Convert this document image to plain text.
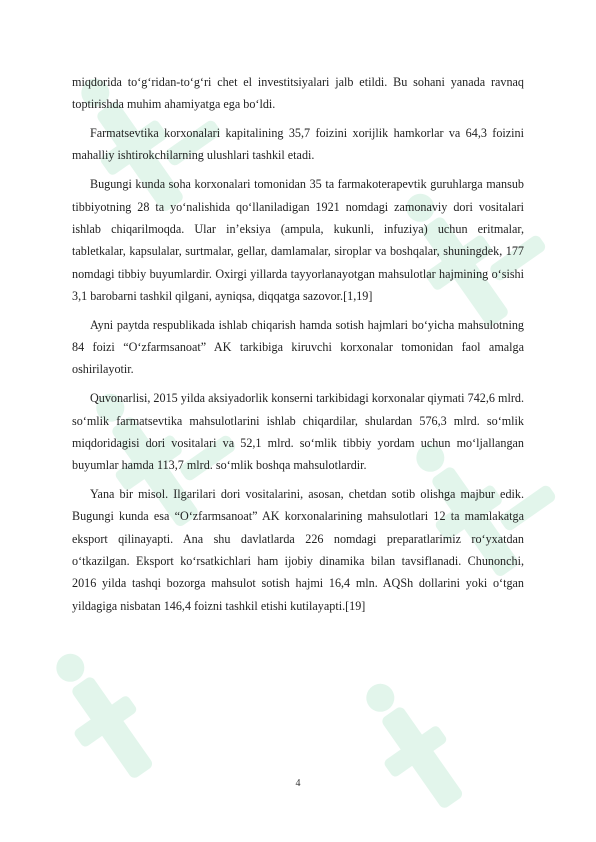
miqdorida to‘g‘ridan-to‘g‘ri chet el investitsiyalari jalb etildi. Bu sohani yanada ravnaq toptirishda muhim ahamiyatga ega bo‘ldi.

Farmatsevtika korxonalari kapitalining 35,7 foizini xorijlik hamkorlar va 64,3 foizini mahalliy ishtirokchilarning ulushlari tashkil etadi.

Bugungi kunda soha korxonalari tomonidan 35 ta farmakoterapevtik guruhlarga mansub tibbiyotning 28 ta yo‘nalishida qo‘llaniladigan 1921 nomdagi zamonaviy dori vositalari ishlab chiqarilmoqda. Ular in’eksiya (ampula, kukunli, infuziya) uchun eritmalar, tabletkalar, kapsulalar, surtmalar, gellar, damlamalar, siroplar va boshqalar, shuningdek, 177 nomdagi tibbiy buyumlardir. Oxirgi yillarda tayyorlanayotgan mahsulotlar hajmining o‘sishi 3,1 barobarni tashkil qilgani, ayniqsa, diqqatga sazovor.[1,19]

Ayni paytda respublikada ishlab chiqarish hamda sotish hajmlari bo‘yicha mahsulotning 84 foizi “O‘zfarmsanoat” AK tarkibiga kiruvchi korxonalar tomonidan faol amalga oshirilayotir.

Quvonarlisi, 2015 yilda aksiyadorlik konserni tarkibidagi korxonalar qiymati 742,6 mlrd. so‘mlik farmatsevtika mahsulotlarini ishlab chiqardilar, shulardan 576,3 mlrd. so‘mlik miqdoridagisi dori vositalari va 52,1 mlrd. so‘mlik tibbiy yordam uchun mo‘ljallangan buyumlar hamda 113,7 mlrd. so‘mlik boshqa mahsulotlardir.

Yana bir misol. Ilgarilari dori vositalarini, asosan, chetdan sotib olishga majbur edik. Bugungi kunda esa “O‘zfarmsanoat” AK korxonalarining mahsulotlari 12 ta mamlakatga eksport qilinayapti. Ana shu davlatlarda 226 nomdagi preparatlarimiz ro‘yxatdan o‘tkazilgan. Eksport ko‘rsatkichlari ham ijobiy dinamika bilan tavsiflanadi. Chunonchi, 2016 yilda tashqi bozorga mahsulot sotish hajmi 16,4 mln. AQSh dollarini yoki o‘tgan yildagiga nisbatan 146,4 foizni tashkil etishi kutilayapti.[19]

4
